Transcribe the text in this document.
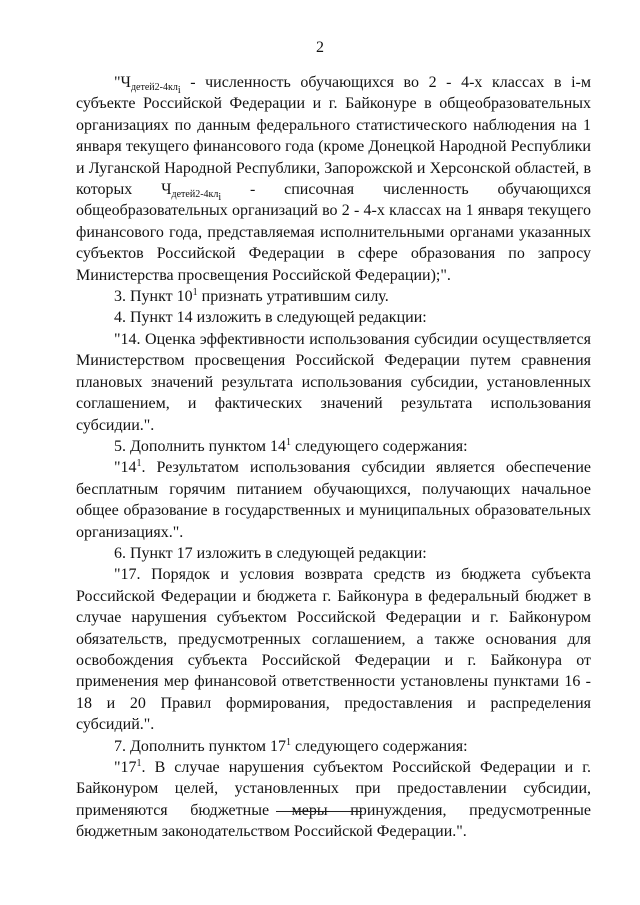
2

"$Ч_{детей2-4кл_i}$ - численность обучающихся во 2 - 4-х классах в i-м субъекте Российской Федерации и г. Байконуре в общеобразовательных организациях по данным федерального статистического наблюдения на 1 января текущего финансового года (кроме Донецкой Народной Республики и Луганской Народной Республики, Запорожской и Херсонской областей, в которых $Ч_{детей2-4кл_i}$ - списочная численность обучающихся общеобразовательных организаций во 2 - 4-х классах на 1 января текущего финансового года, представляемая исполнительными органами указанных субъектов Российской Федерации в сфере образования по запросу Министерства просвещения Российской Федерации);".

3. Пункт $10^1$ признать утратившим силу.

4. Пункт 14 изложить в следующей редакции:

"14. Оценка эффективности использования субсидии осуществляется Министерством просвещения Российской Федерации путем сравнения плановых значений результата использования субсидии, установленных соглашением, и фактических значений результата использования субсидии.".

5. Дополнить пунктом $14^1$ следующего содержания:

"$14^1$. Результатом использования субсидии является обеспечение бесплатным горячим питанием обучающихся, получающих начальное общее образование в государственных и муниципальных образовательных организациях.".

6. Пункт 17 изложить в следующей редакции:

"17. Порядок и условия возврата средств из бюджета субъекта Российской Федерации и бюджета г. Байконура в федеральный бюджет в случае нарушения субъектом Российской Федерации и г. Байконуром обязательств, предусмотренных соглашением, а также основания для освобождения субъекта Российской Федерации и г. Байконура от применения мер финансовой ответственности установлены пунктами 16 - 18 и 20 Правил формирования, предоставления и распределения субсидий.".

7. Дополнить пунктом $17^1$ следующего содержания:

"$17^1$. В случае нарушения субъектом Российской Федерации и г. Байконуром целей, установленных при предоставлении субсидии, применяются бюджетные меры принуждения, предусмотренные бюджетным законодательством Российской Федерации.".
